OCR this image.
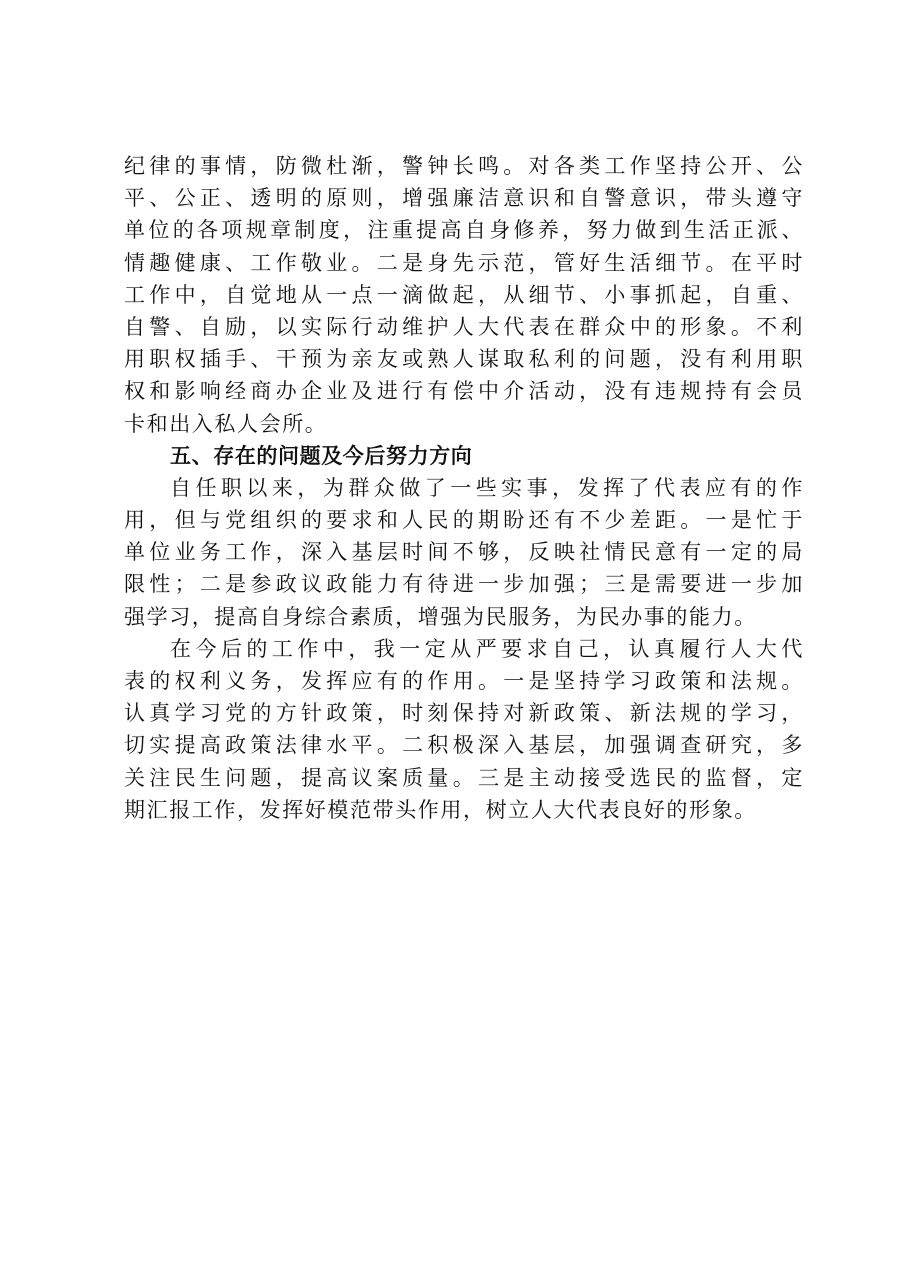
纪律的事情，防微杜渐，警钟长鸣。对各类工作坚持公开、公
平、公正、透明的原则，增强廉洁意识和自警意识，带头遵守
单位的各项规章制度，注重提高自身修养，努力做到生活正派、
情趣健康、工作敬业。二是身先示范，管好生活细节。在平时
工作中，自觉地从一点一滴做起，从细节、小事抓起，自重、
自警、自励，以实际行动维护人大代表在群众中的形象。不利
用职权插手、干预为亲友或熟人谋取私利的问题，没有利用职
权和影响经商办企业及进行有偿中介活动，没有违规持有会员
卡和出入私人会所。
五、存在的问题及今后努力方向
自任职以来，为群众做了一些实事，发挥了代表应有的作
用，但与党组织的要求和人民的期盼还有不少差距。一是忙于
单位业务工作，深入基层时间不够，反映社情民意有一定的局
限性；二是参政议政能力有待进一步加强；三是需要进一步加
强学习，提高自身综合素质，增强为民服务，为民办事的能力。
在今后的工作中，我一定从严要求自己，认真履行人大代
表的权利义务，发挥应有的作用。一是坚持学习政策和法规。
认真学习党的方针政策，时刻保持对新政策、新法规的学习，
切实提高政策法律水平。二积极深入基层，加强调查研究，多
关注民生问题，提高议案质量。三是主动接受选民的监督，定
期汇报工作，发挥好模范带头作用，树立人大代表良好的形象。
